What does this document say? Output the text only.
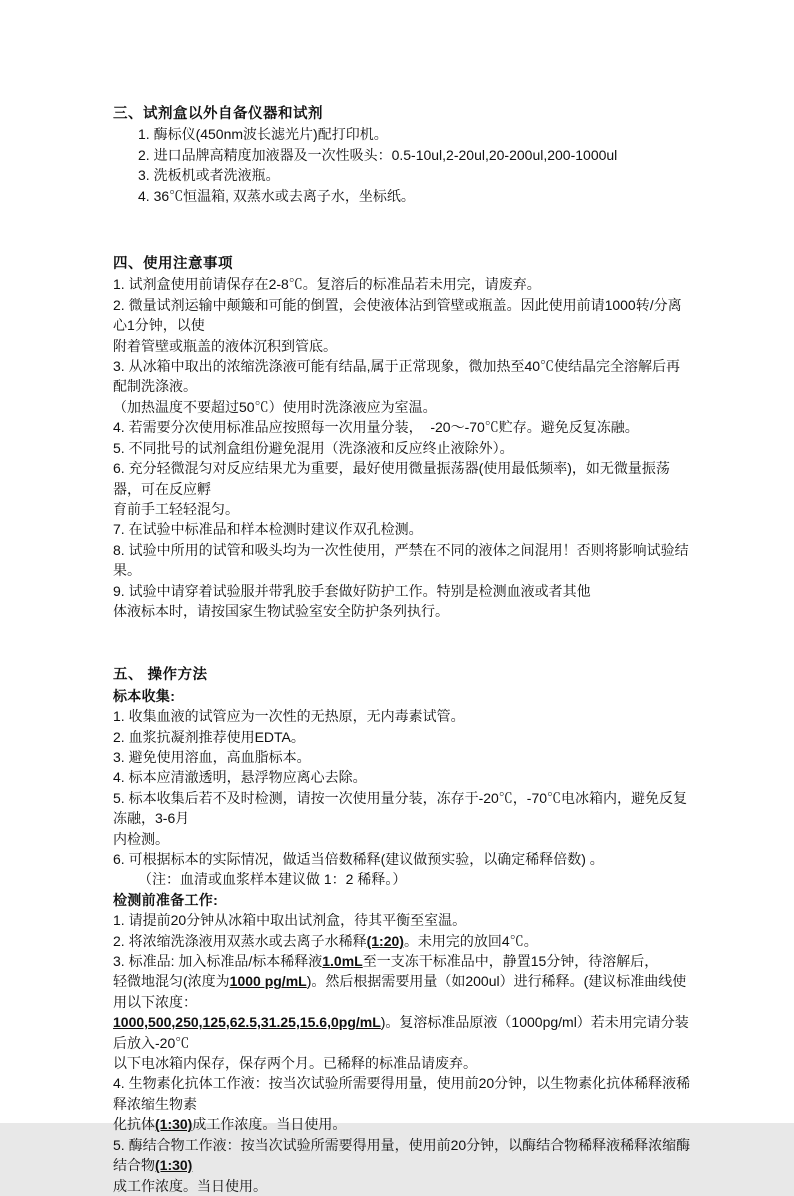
三、试剂盒以外自备仪器和试剂
1. 酶标仪(450nm波长滤光片)配打印机。
2. 进口品牌高精度加液器及一次性吸头：0.5-10ul,2-20ul,20-200ul,200-1000ul
3. 洗板机或者洗液瓶。
4. 36℃恒温箱, 双蒸水或去离子水，坐标纸。
四、使用注意事项
1. 试剂盒使用前请保存在2-8℃。复溶后的标准品若未用完，请废弃。
2. 微量试剂运输中颠簸和可能的倒置，会使液体沾到管壁或瓶盖。因此使用前请1000转/分离心1分钟，以使
附着管壁或瓶盖的液体沉积到管底。
3. 从冰箱中取出的浓缩洗涤液可能有结晶,属于正常现象，微加热至40℃使结晶完全溶解后再配制洗涤液。
（加热温度不要超过50℃）使用时洗涤液应为室温。
4. 若需要分次使用标准品应按照每一次用量分装，  -20～-70℃贮存。避免反复冻融。
5. 不同批号的试剂盒组份避免混用（洗涤液和反应终止液除外）。
6. 充分轻微混匀对反应结果尤为重要，最好使用微量振荡器(使用最低频率)，如无微量振荡器，可在反应孵
育前手工轻轻混匀。
7. 在试验中标准品和样本检测时建议作双孔检测。
8. 试验中所用的试管和吸头均为一次性使用，严禁在不同的液体之间混用！否则将影响试验结果。
9. 试验中请穿着试验服并带乳胶手套做好防护工作。特别是检测血液或者其他
体液标本时，请按国家生物试验室安全防护条列执行。
五、 操作方法
标本收集:
1. 收集血液的试管应为一次性的无热原，无内毒素试管。
2. 血浆抗凝剂推荐使用EDTA。
3. 避免使用溶血，高血脂标本。
4. 标本应清澈透明，悬浮物应离心去除。
5. 标本收集后若不及时检测，请按一次使用量分装，冻存于-20℃，-70℃电冰箱内，避免反复冻融，3-6月
内检测。
6. 可根据标本的实际情况，做适当倍数稀释(建议做预实验，以确定稀释倍数) 。
（注：血清或血浆样本建议做 1：2 稀释。）
检测前准备工作:
1. 请提前20分钟从冰箱中取出试剂盒，待其平衡至室温。
2. 将浓缩洗涤液用双蒸水或去离子水稀释(1:20)。未用完的放回4℃。
3. 标准品: 加入标准品/标本稀释液1.0mL至一支冻干标准品中，静置15分钟，待溶解后，
轻微地混匀(浓度为1000 pg/mL)。然后根据需要用量（如200ul）进行稀释。(建议标准曲线使用以下浓度：
1000,500,250,125,62.5,31.25,15.6,0pg/mL)。复溶标准品原液（1000pg/ml）若未用完请分装后放入-20℃
以下电冰箱内保存，保存两个月。已稀释的标准品请废弃。
4. 生物素化抗体工作液：按当次试验所需要得用量，使用前20分钟，以生物素化抗体稀释液稀释浓缩生物素
化抗体(1:30)成工作浓度。当日使用。
5. 酶结合物工作液：按当次试验所需要得用量，使用前20分钟，以酶结合物稀释液稀释浓缩酶结合物(1:30)
成工作浓度。当日使用。
